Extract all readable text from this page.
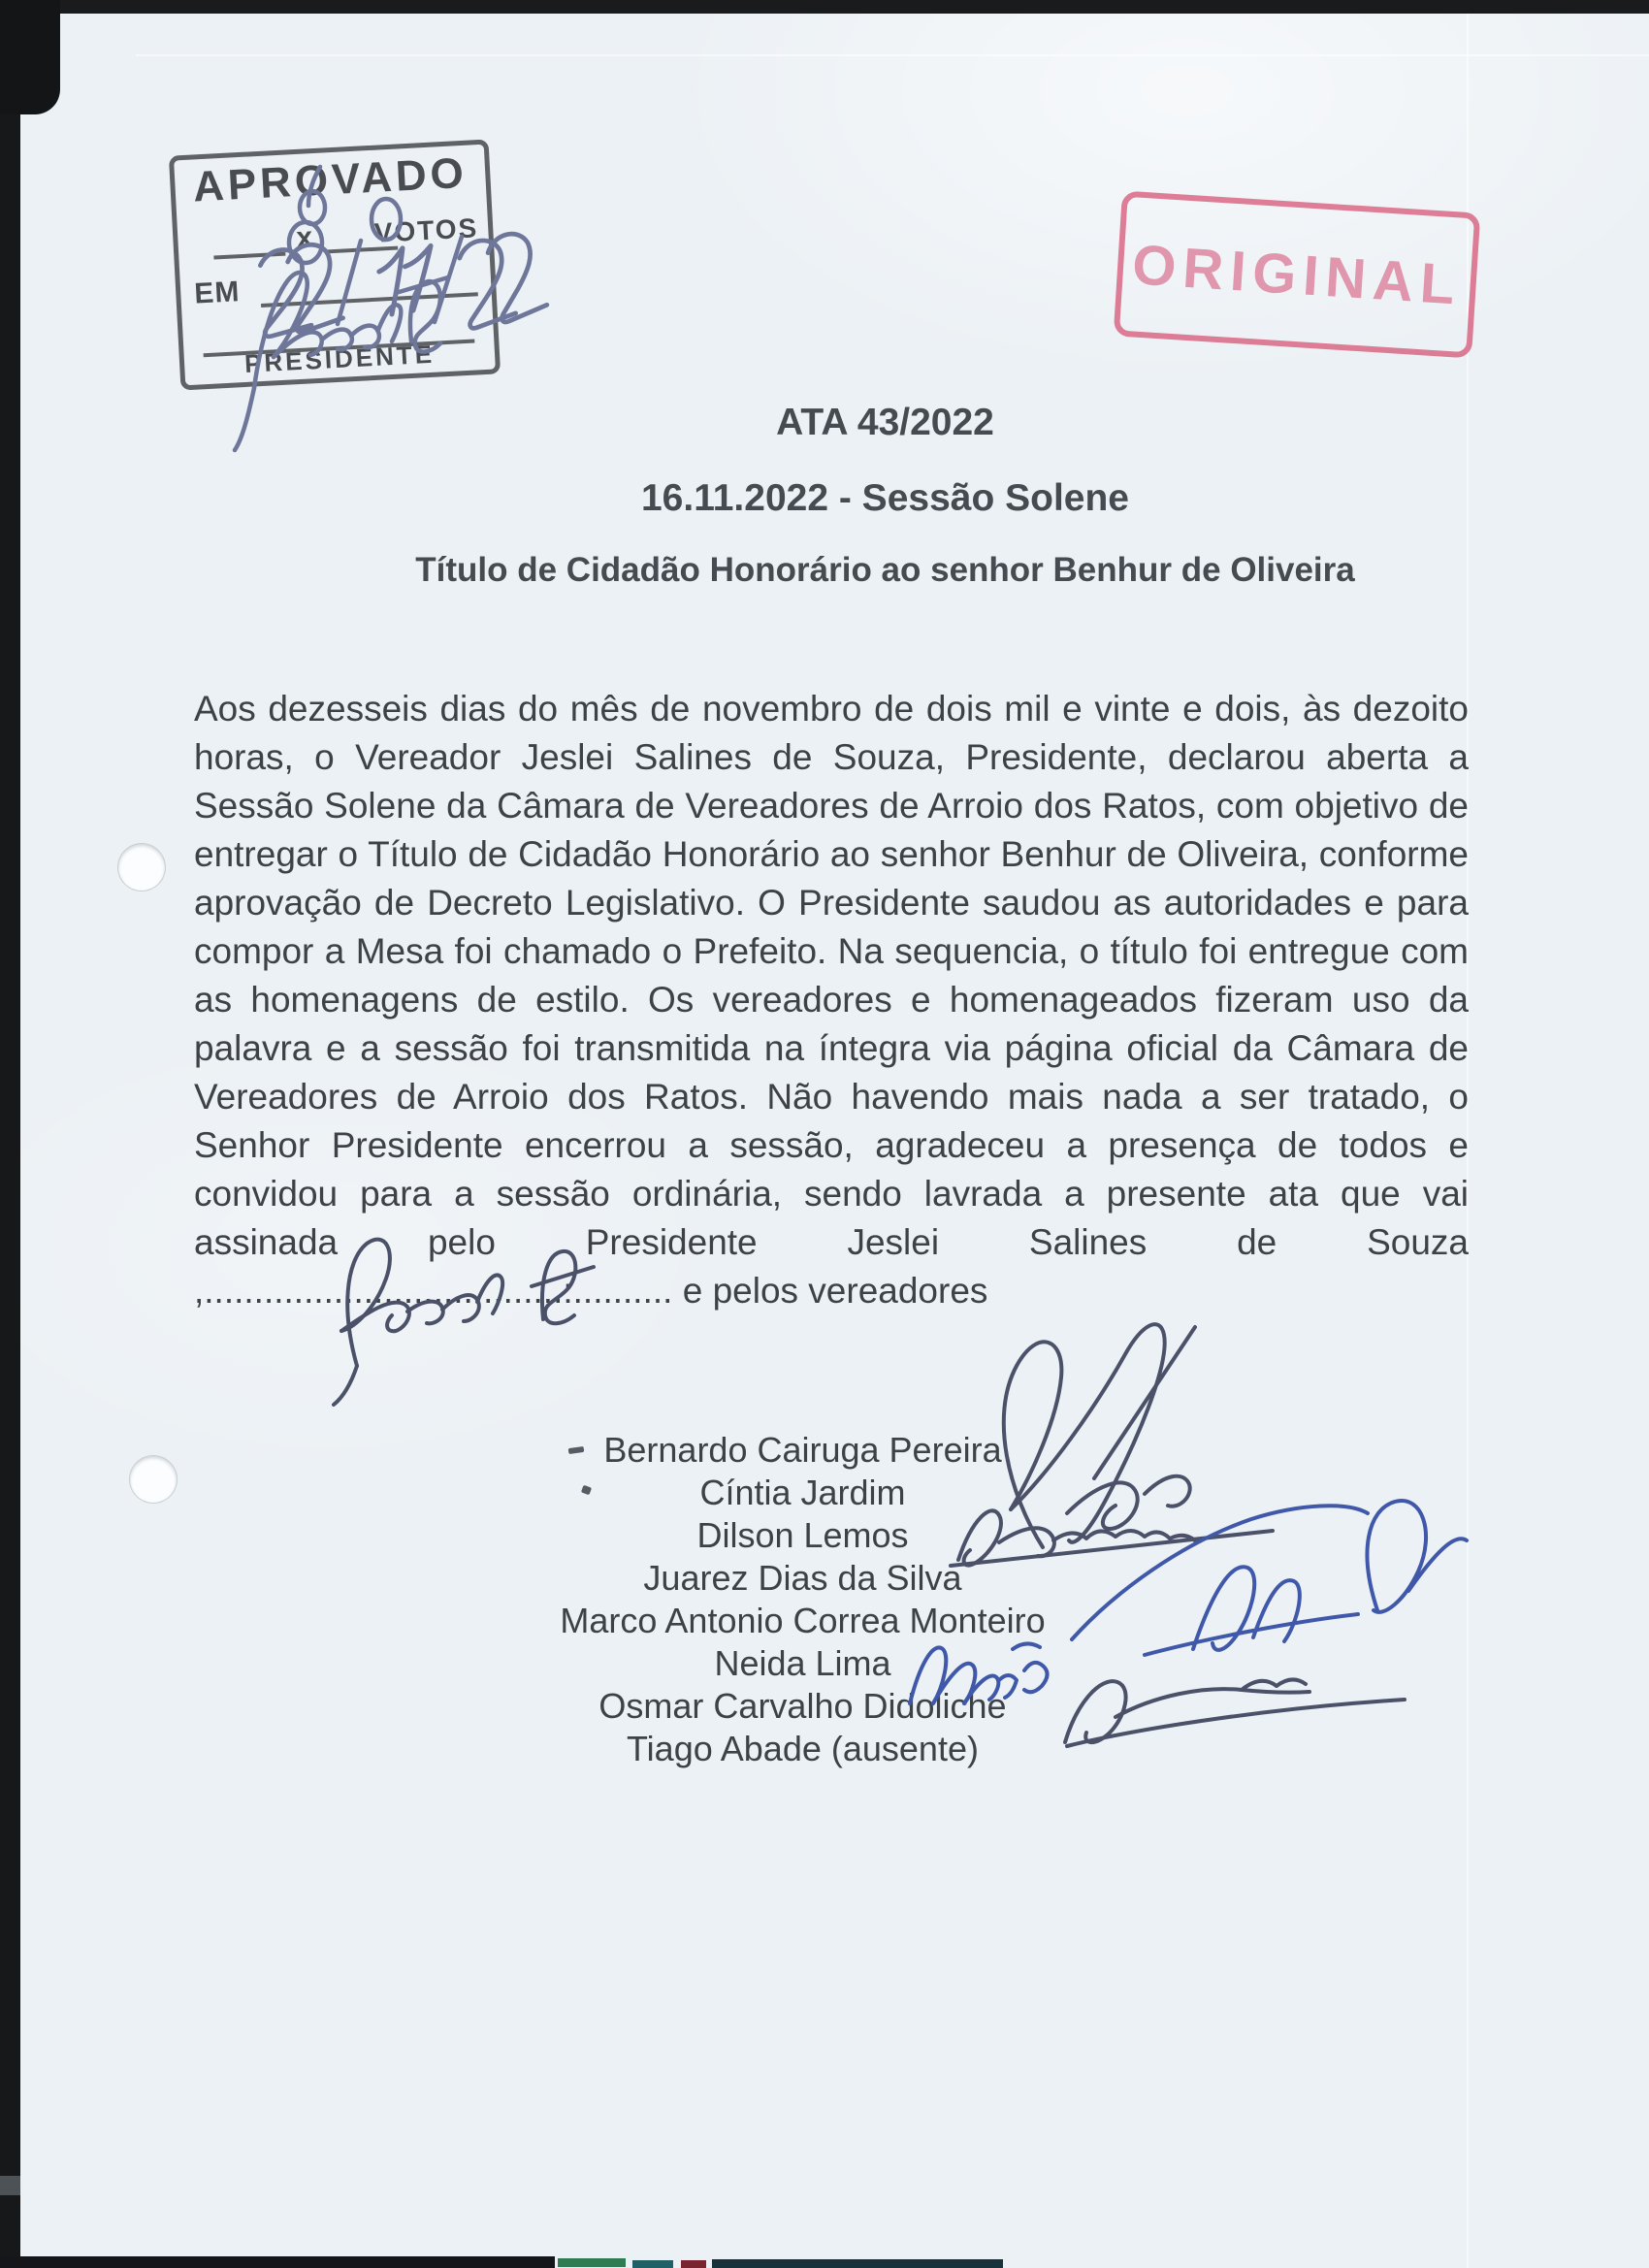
APROVADO
x VOTOS
EM
PRESIDENTE
ORIGINAL
ATA 43/2022
16.11.2022 - Sessão Solene
Título de Cidadão Honorário ao senhor Benhur de Oliveira
Aos dezesseis dias do mês de novembro de dois mil e vinte e dois, às dezoito horas, o Vereador Jeslei Salines de Souza, Presidente, declarou aberta a Sessão Solene da Câmara de Vereadores de Arroio dos Ratos, com objetivo de entregar o Título de Cidadão Honorário ao senhor Benhur de Oliveira, conforme aprovação de Decreto Legislativo. O Presidente saudou as autoridades e para compor a Mesa foi chamado o Prefeito. Na sequencia, o título foi entregue com as homenagens de estilo. Os vereadores e homenageados fizeram uso da palavra e a sessão foi transmitida na íntegra via página oficial da Câmara de Vereadores de Arroio dos Ratos. Não havendo mais nada a ser tratado, o Senhor Presidente encerrou a sessão, agradeceu a presença de todos e convidou para a sessão ordinária, sendo lavrada a presente ata que vai assinada pelo Presidente Jeslei Salines de Souza ,....................................:.......... e pelos vereadores
Bernardo Cairuga Pereira
Cíntia Jardim
Dilson Lemos
Juarez Dias da Silva
Marco Antonio Correa Monteiro
Neida Lima
Osmar Carvalho Didoliche
Tiago Abade (ausente)
